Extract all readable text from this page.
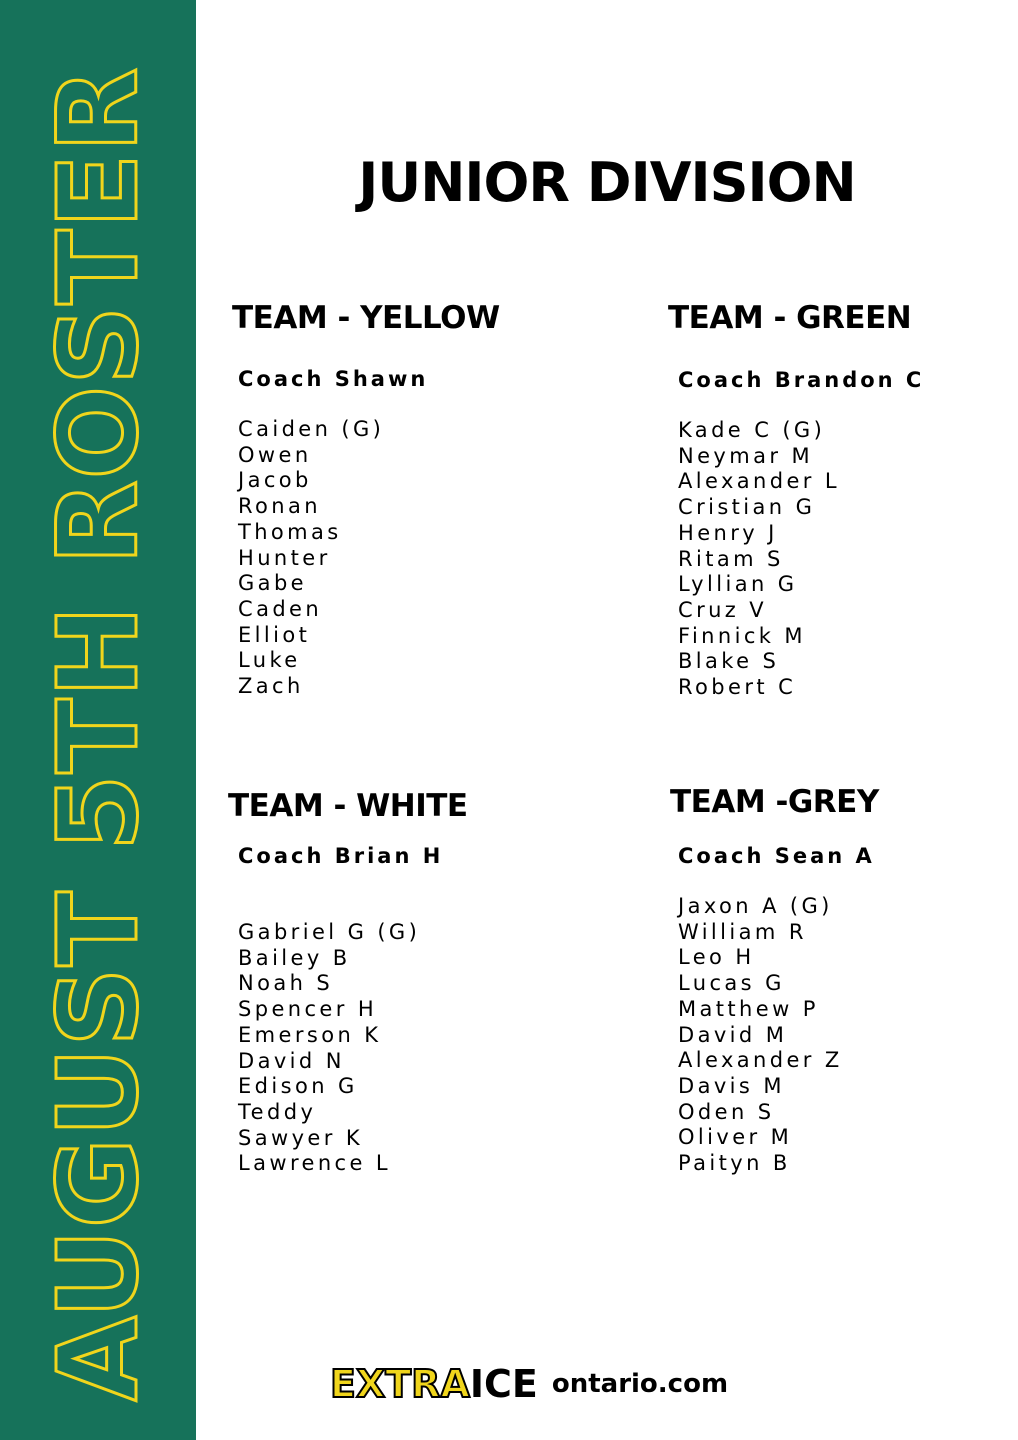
AUGUST 5TH ROSTER	JUNIOR DIVISION
TEAM - YELLOW
Coach Shawn
Caiden (G)
Owen
Jacob
Ronan
Thomas
Hunter
Gabe
Caden
Elliot
Luke
Zach
TEAM - GREEN
Coach Brandon C
Kade C (G)
Neymar M
Alexander L
Cristian G
Henry J
Ritam S
Lyllian G
Cruz V
Finnick M
Blake S
Robert C
TEAM - WHITE
Coach Brian H
Gabriel G (G)
Bailey B
Noah S
Spencer H
Emerson K
David N
Edison G
Teddy
Sawyer K
Lawrence L
TEAM -GREY
Coach Sean A
Jaxon A (G)
William R
Leo H
Lucas G
Matthew P
David M
Alexander Z
Davis M
Oden S
Oliver M
Paityn B
EXTRA ICE ontario.com
